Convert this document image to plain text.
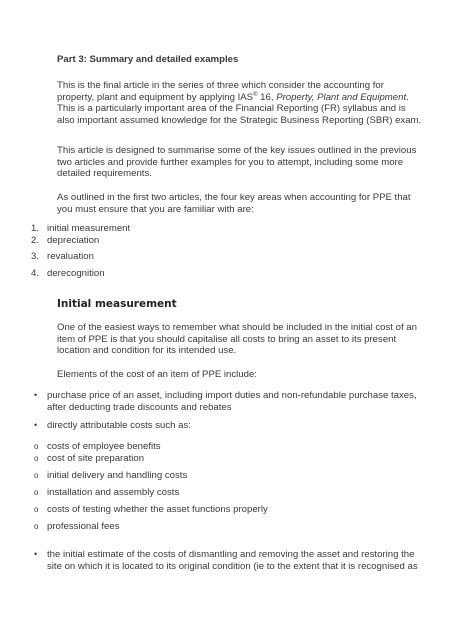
Part 3: Summary and detailed examples
This is the final article in the series of three which consider the accounting for property, plant and equipment by applying IAS® 16, Property, Plant and Equipment. This is a particularly important area of the Financial Reporting (FR) syllabus and is also important assumed knowledge for the Strategic Business Reporting (SBR) exam.
This article is designed to summarise some of the key issues outlined in the previous two articles and provide further examples for you to attempt, including some more detailed requirements.
As outlined in the first two articles, the four key areas when accounting for PPE that you must ensure that you are familiar with are:
1. initial measurement
2. depreciation
3. revaluation
4. derecognition
Initial measurement
One of the easiest ways to remember what should be included in the initial cost of an item of PPE is that you should capitalise all costs to bring an asset to its present location and condition for its intended use.
Elements of the cost of an item of PPE include:
• purchase price of an asset, including import duties and non-refundable purchase taxes, after deducting trade discounts and rebates
• directly attributable costs such as:
o costs of employee benefits
o cost of site preparation
o initial delivery and handling costs
o installation and assembly costs
o costs of testing whether the asset functions properly
o professional fees
• the initial estimate of the costs of dismantling and removing the asset and restoring the site on which it is located to its original condition (ie to the extent that it is recognised as
